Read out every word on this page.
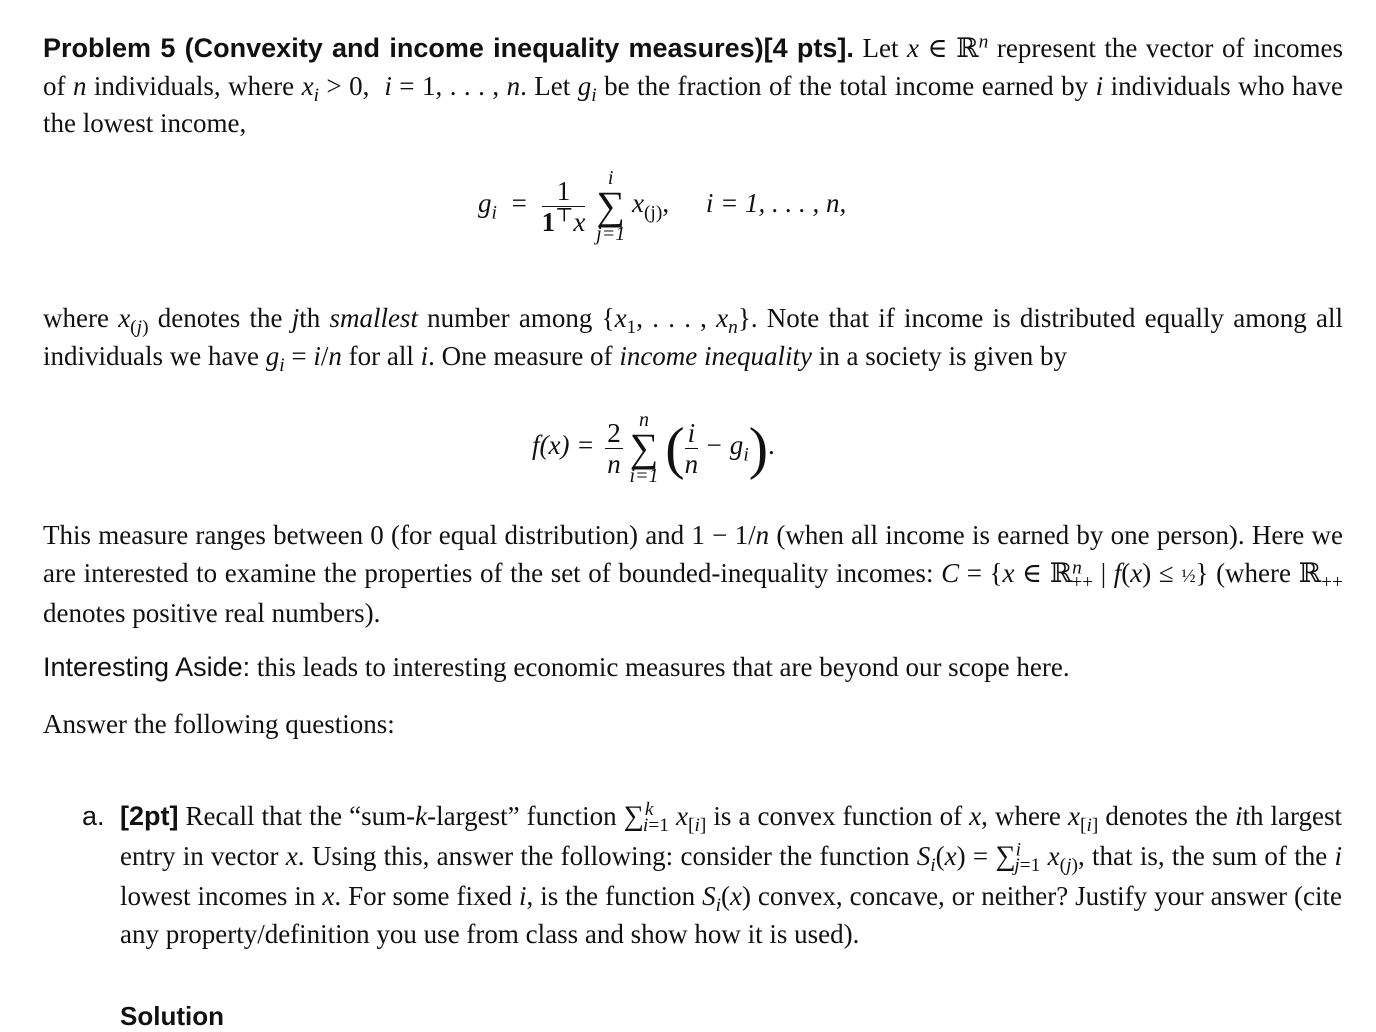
Problem 5 (Convexity and income inequality measures)[4 pts]. Let x ∈ ℝ$^n$ represent the vector of incomes of n individuals, where $x_i > 0$,  i = 1, . . . , n. Let $g_i$ be the fraction of the total income earned by i individuals who have the lowest income,
$g_i = \frac{1}{1^⊤x}$
	i
∑
j=1
$x_{(j)}$, i = 1, . . . , n,
where $x_{(j)}$ denotes the jth smallest number among {$x_1$, . . . , $x_n$}. Note that if income is distributed equally among all individuals we have $g_i = i/n$ for all i. One measure of income inequality in a society is given by
$f(x) = \frac{2}{n}$
n
∑
i=1 ( $\frac{i}{n} - g_i$).
This measure ranges between 0 (for equal distribution) and 1 − 1/n (when all income is earned by one person). Here we are interested to examine the properties of the set of bounded-inequality incomes: C = {x ∈ ℝ$^n_{++}$ | f(x) ≤ ½} (where ℝ$_{++}$ denotes positive real numbers).
Interesting Aside: this leads to interesting economic measures that are beyond our scope here.
Answer the following questions:
a. [2pt] Recall that the “sum-k-largest” function ∑$^k_{i=1}$ $x_{[i]}$ is a convex function of x, where $x_{[i]}$ denotes the ith largest entry in vector x. Using this, answer the following: consider the function $S_i(x) = \sum^i_{j=1}$ $x_{(j)}$, that is, the sum of the i lowest incomes in x. For some fixed i, is the function $S_i(x)$ convex, concave, or neither? Justify your answer (cite any property/definition you use from class and show how it is used).
Solution
